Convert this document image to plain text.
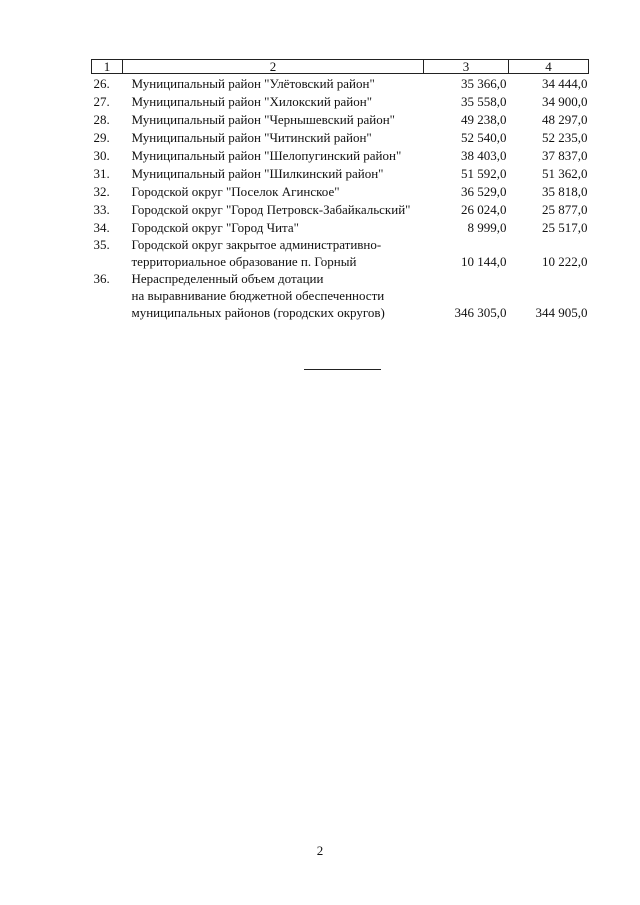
1	2	3	4
26.	Муниципальный район "Улётовский район"	35 366,0	34 444,0
27.	Муниципальный район "Хилокский район"	35 558,0	34 900,0
28.	Муниципальный район "Чернышевский район"	49 238,0	48 297,0
29.	Муниципальный район "Читинский район"	52 540,0	52 235,0
30.	Муниципальный район "Шелопугинский район"	38 403,0	37 837,0
31.	Муниципальный район "Шилкинский район"	51 592,0	51 362,0
32.	Городской округ "Поселок Агинское"	36 529,0	35 818,0
33.	Городской округ "Город Петровск-Забайкальский"	26 024,0	25 877,0
34.	Городской округ "Город Чита"	8 999,0	25 517,0
35.	Городской округ закрытое административно-
территориальное образование п. Горный	10 144,0	10 222,0
36.	Нераспределенный объем дотации
на выравнивание бюджетной обеспеченности
муниципальных районов (городских округов)	346 305,0	344 905,0
2
